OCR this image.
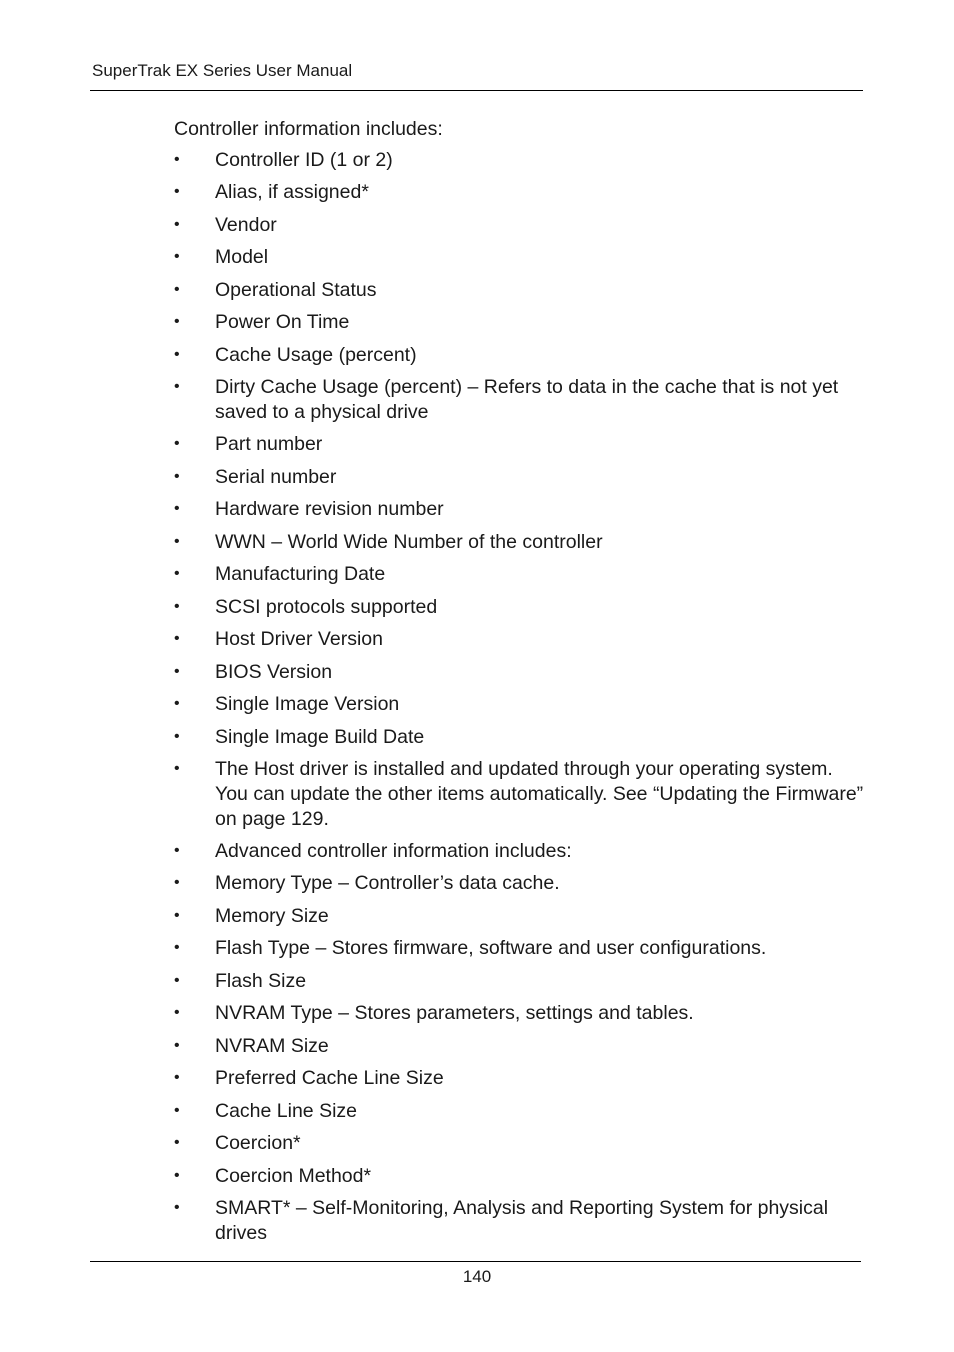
SuperTrak EX Series User Manual
Controller information includes:
• Controller ID (1 or 2)
• Alias, if assigned*
• Vendor
• Model
• Operational Status
• Power On Time
• Cache Usage (percent)
• Dirty Cache Usage (percent) – Refers to data in the cache that is not yet saved to a physical drive
• Part number
• Serial number
• Hardware revision number
• WWN – World Wide Number of the controller
• Manufacturing Date
• SCSI protocols supported
• Host Driver Version
• BIOS Version
• Single Image Version
• Single Image Build Date
• The Host driver is installed and updated through your operating system. You can update the other items automatically. See “Updating the Firmware” on page 129.
• Advanced controller information includes:
• Memory Type – Controller’s data cache.
• Memory Size
• Flash Type – Stores firmware, software and user configurations.
• Flash Size
• NVRAM Type – Stores parameters, settings and tables.
• NVRAM Size
• Preferred Cache Line Size
• Cache Line Size
• Coercion*
• Coercion Method*
• SMART* – Self-Monitoring, Analysis and Reporting System for physical drives
140
